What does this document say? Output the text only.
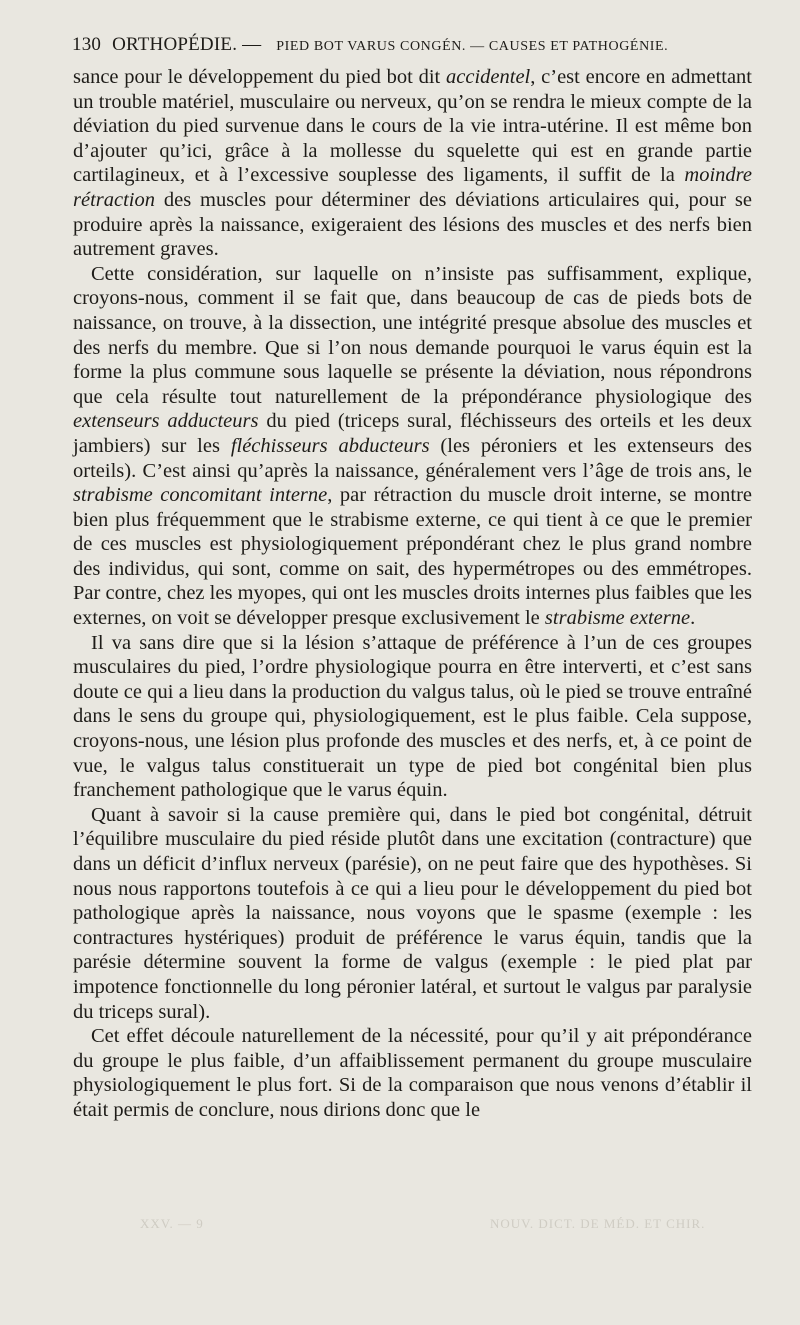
130 ORTHOPÉDIE. — PIED BOT VARUS CONGÉN. — CAUSES ET PATHOGÉNIE.

sance pour le développement du pied bot dit accidentel, c’est encore en admettant un trouble matériel, musculaire ou nerveux, qu’on se rendra le mieux compte de la déviation du pied survenue dans le cours de la vie intra-utérine. Il est même bon d’ajouter qu’ici, grâce à la mollesse du squelette qui est en grande partie cartilagineux, et à l’excessive souplesse des ligaments, il suffit de la moindre rétraction des muscles pour déterminer des déviations articulaires qui, pour se produire après la naissance, exigeraient des lésions des muscles et des nerfs bien autrement graves.

Cette considération, sur laquelle on n’insiste pas suffisamment, explique, croyons-nous, comment il se fait que, dans beaucoup de cas de pieds bots de naissance, on trouve, à la dissection, une intégrité presque absolue des muscles et des nerfs du membre. Que si l’on nous demande pourquoi le varus équin est la forme la plus commune sous laquelle se présente la déviation, nous répondrons que cela résulte tout naturellement de la prépondérance physiologique des extenseurs adducteurs du pied (triceps sural, fléchisseurs des orteils et les deux jambiers) sur les fléchisseurs abducteurs (les péroniers et les extenseurs des orteils). C’est ainsi qu’après la naissance, généralement vers l’âge de trois ans, le strabisme concomitant interne, par rétraction du muscle droit interne, se montre bien plus fréquemment que le strabisme externe, ce qui tient à ce que le premier de ces muscles est physiologiquement prépondérant chez le plus grand nombre des individus, qui sont, comme on sait, des hypermétropes ou des emmétropes. Par contre, chez les myopes, qui ont les muscles droits internes plus faibles que les externes, on voit se développer presque exclusivement le strabisme externe.

Il va sans dire que si la lésion s’attaque de préférence à l’un de ces groupes musculaires du pied, l’ordre physiologique pourra en être interverti, et c’est sans doute ce qui a lieu dans la production du valgus talus, où le pied se trouve entraîné dans le sens du groupe qui, physiologiquement, est le plus faible. Cela suppose, croyons-nous, une lésion plus profonde des muscles et des nerfs, et, à ce point de vue, le valgus talus constituerait un type de pied bot congénital bien plus franchement pathologique que le varus équin.

Quant à savoir si la cause première qui, dans le pied bot congénital, détruit l’équilibre musculaire du pied réside plutôt dans une excitation (contracture) que dans un déficit d’influx nerveux (parésie), on ne peut faire que des hypothèses. Si nous nous rapportons toutefois à ce qui a lieu pour le développement du pied bot pathologique après la naissance, nous voyons que le spasme (exemple : les contractures hystériques) produit de préférence le varus équin, tandis que la parésie détermine souvent la forme de valgus (exemple : le pied plat par impotence fonctionnelle du long péronier latéral, et surtout le valgus par paralysie du triceps sural).

Cet effet découle naturellement de la nécessité, pour qu’il y ait prépondérance du groupe le plus faible, d’un affaiblissement permanent du groupe musculaire physiologiquement le plus fort. Si de la comparaison que nous venons d’établir il était permis de conclure, nous dirions donc que le

XXV. — 9	NOUV. DICT. DE MÉD. ET CHIR.
